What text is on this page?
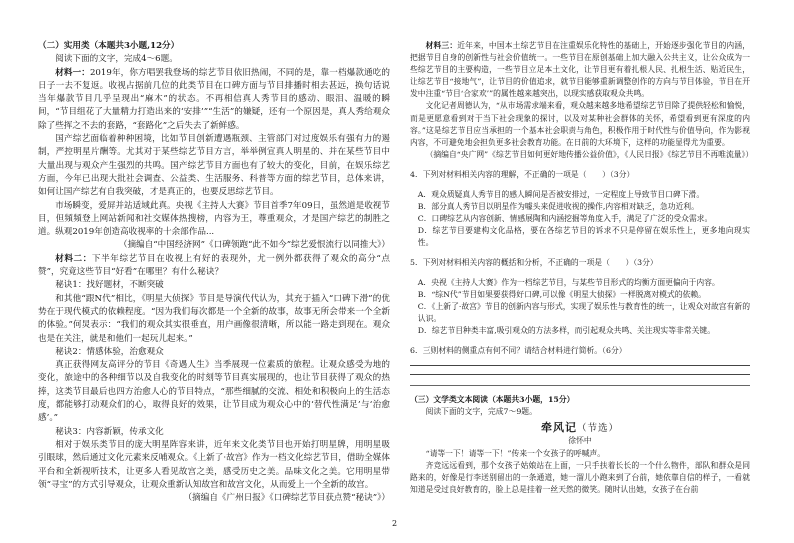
（二）实用类（本题共3小题,12分）

阅读下面的文字，完成4～6题。

材料一：2019年，你方唱罢我登场的综艺节目依旧热闹，不同的是，靠一档爆款通吃的日子一去不复返。收视占据前几位的此类节目在口碑方面与节目排播时相去甚远，换句话说当年爆款节目几乎呈现出“麻木”的状态。不再相信真人秀节目的感动、眼泪、温暖的瞬间，“节目组花了大量精力打造出来的‘安排’”“生活”的嫌疑，还有一个原因是，真人秀给观众除了些挥之不去的套路，“套路化”之后失去了新鲜感。

国产综艺面临着种种困境，比如节目创新遭遇瓶颈、主管部门对过度娱乐有强有力的遏制，严控明星片酬等。尤其对于某些综艺节目方言，举举例宣真人明星的、并在某些节目中大量出现与观众产生强烈的共鸣。国产综艺节目方面也有了较大的变化，目前，在娱乐综艺方面，今年已出现大批社会调查、公益类、生活服务、科普等方面的综艺节目，总体来讲，如何让国产综艺有自我突破，才是真正的，也要反思综艺节目。

市场瞬变，爱屏并站适域此真。央视《主持人大赛》节目首季7年09日，虽然道是收视节目，但頻頻登上网站新闻和社交媒体热搜榜，内容为王，尊重观众，才是国产综艺的制胜之道。纵观2019年创造高收视率的十余部作品...

（摘编自“中国经济网”《口碑领跑“此不如今”综艺爱恨流行以同推大》）

材料二：下半年综艺节目在收视上有好的表现外，尤一例外都获得了观众的高分“点赞”，究竟这些节目“好看”在哪里？有什么秘诀？

秘诀1：找好题材，不断突破

和其他“跟N代”相比，《明星大侦探》节目是导演代代认为，其充于插入“口碑下滑”的优势在于现代模式的依赖程度。“因为我们每次都是一个全新的故事，故事无所会带来一个全新的体验。”何炅表示：“我们的观众其实很垂直，用户画像很清晰，所以能一路走到现在。观众也是在关注，就是和他们一起玩儿起来。”

秘诀2：情感体验，治愈观众

真正获得网友高评分的节目《奇遇人生》当季展现一位素质的旅程。让观众感受为地的变化，旅途中的各种细节以及自我变化的时刻等节目真实展现的，也让节目获得了观众的热捧，这类节目最后也四方治愈人心的节目特点，“那些细腻的交流、相处和积极向上的生活态度，都能够打动观众们的心，取得良好的效果，让节目成为观众心中的‘替代性满足’与‘治愈感’。”

秘诀3：内容新颖，传承文化

相对于娱乐类节目的庞大明星阵容来讲，近年来文化类节目也开始打明星牌，用明星吸引眼球，然后通过文化元素来反哺观众。《上新了·故宫》作为一档文化综艺节目，借助全媒体平台和全新视听技术，让更多人看见故宫之美，感受历史之美。品味文化之美。它用明星带领“寻宝”的方式引导观众，让观众重新认知故宫和故宫文化，从而爱上一个全新的故宫。

（摘编自《广州日报》《口碑综艺节目获点赞“秘诀”》）

材料三：近年来，中国本土综艺节目在注重娱乐化特性的基础上，开始逐步强化节目的内涵，把据节目自身的创新性与社会价值统一。一些节目在原创基础上加大融入公共主义，让公众成为一些综艺节目的主要构造，一些节目立足本土文化，让节目更有着扎根人民、扎根生活、贴近民生，让综艺节目“接地气”，让节目的价值追求，就节目能够重新调整创作的方向与节目体验，节目在开发中注重“节目‘合家欢’”的属性越来越突出，以现实感获取观众共鸣。

文化记者周德认为，“从市场需求端来看，观众越来越多地希望综艺节目除了提供轻松和愉悦，而是更愿意看到对于当下社会现象的探讨，以及对某种社会群体的关怀，希望看到更有深度的内容。”这是综艺节目应当承担的一个基本社会职责与角色，积极作用于时代性与价值导向，作为影视内容，不可避免地会担负更多社会教育功能。在日前的大环境下，这样的功能显得尤为重要。

（摘编自“央广网”《综艺节目如何更好地传播公益价值》，《人民日报》《综艺节目不再唯流量》）

4．下列对材料相关内容的理解，不正确的一项是（　　）（3分）

A．观众质疑真人秀节目的感人瞬间是否被安排过，一定程度上导致节目口碑下滑。

B．部分真人秀节目以明星作为噱头来促进收视的操作,内容相对缺乏，急功近利。

C．口碑综艺从内容创新、情感展陶和内涵挖掘等角度入手，满足了广泛的受众需求。

D．综艺节目要建构文化品格，要在各综艺节目的诉求不只是停留在娱乐性上，更多地向现实性。

5．下列对材料相关内容的概括和分析，不正确的一项是（　　）（3分）

A．央视《主持人大赛》作为一档综艺节目，与某些节目形式的均衡方面更偏向于内容。

B．“综N代”节目如果要获得好口碑,可以像《明星大侦探》一样脱离对模式的依赖。

C．《上新了·故宫》节目的创新内容与形式，实现了娱乐性与教育性的统一，让观众对故宫有新的认识。

D．综艺节目种类丰富,吸引观众的方法多样，而引起观众共鸣、关注现实等非常关键。

6．三则材料的侧重点有何不同？请结合材料进行简析。（6分）

（三）文学类文本阅读（本题共3小题，15分）

阅读下面的文字，完成7～9题。

牵风记（节选）

徐怀中

“请等一下！请等一下！”传来一个女孩子的呼喊声。

齐竞远远看到，那个女孩子姑娘站在上面，一只手扶着长长的一个什么物件，部队和群众是同路来的，好像是行李送别留出的一条通道，她一溜儿小跑来到了台前，她依靠自信的样子，一看就知道是受过良好教育的，脸上总是挂着一丝天然的微笑。随时认出她，女孩子在台前

2
